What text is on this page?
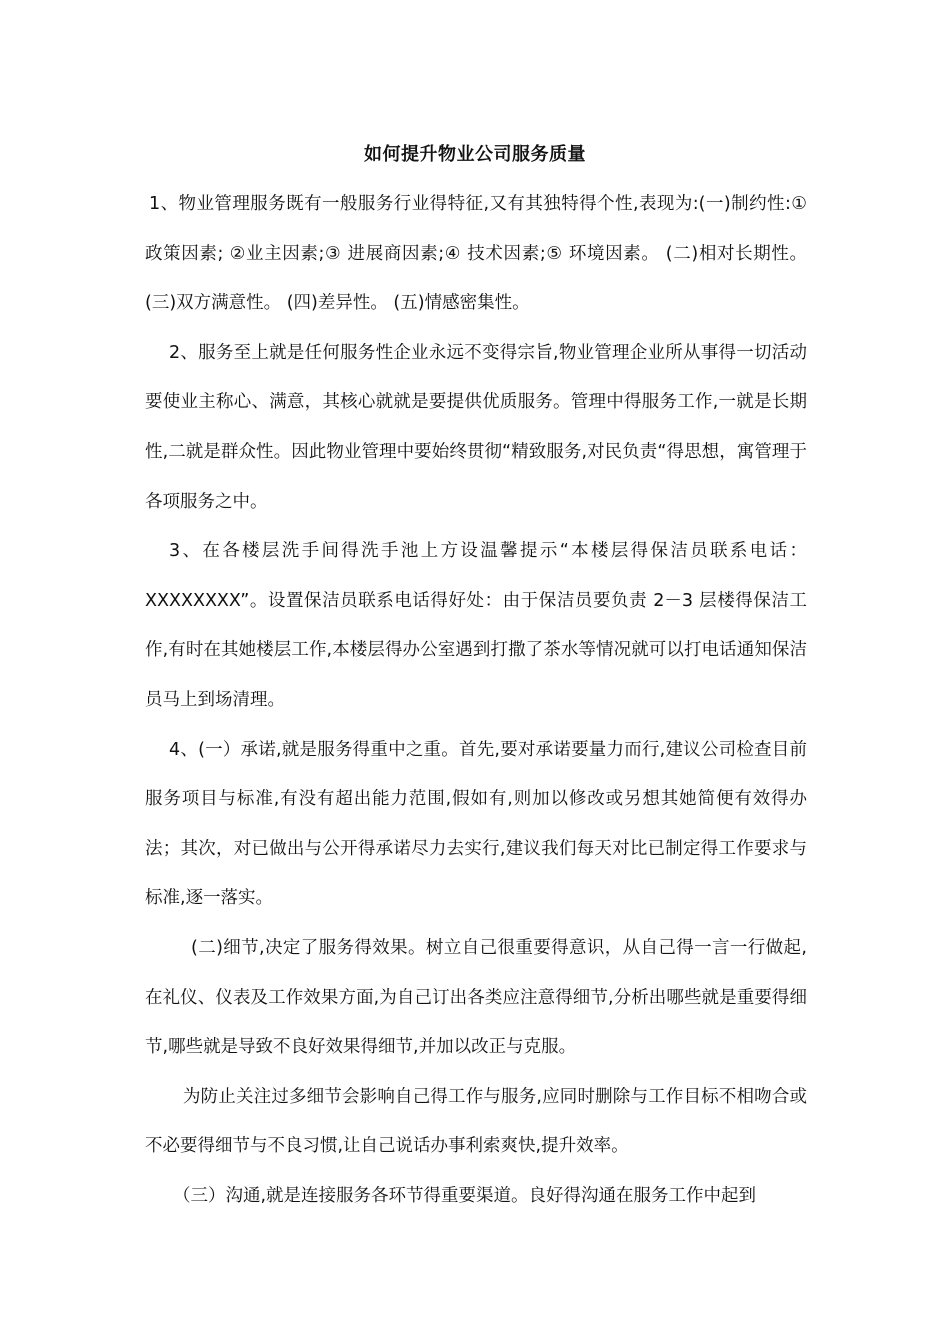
如何提升物业公司服务质量

1、物业管理服务既有一般服务行业得特征,又有其独特得个性,表现为:(一)制约性:① 政策因素; ②业主因素;③ 进展商因素;④ 技术因素;⑤ 环境因素。 (二)相对长期性。(三)双方满意性。 (四)差异性。 (五)情感密集性。

2、服务至上就是任何服务性企业永远不变得宗旨,物业管理企业所从事得一切活动要使业主称心、满意，其核心就就是要提供优质服务。管理中得服务工作,一就是长期性,二就是群众性。因此物业管理中要始终贯彻“精致服务,对民负责“得思想，寓管理于各项服务之中。

3、在各楼层洗手间得洗手池上方设温馨提示“本楼层得保洁员联系电话：XXXXXXXX”。设置保洁员联系电话得好处：由于保洁员要负责 2－3 层楼得保洁工作,有时在其她楼层工作,本楼层得办公室遇到打撒了茶水等情况就可以打电话通知保洁员马上到场清理。

4、(一）承诺,就是服务得重中之重。首先,要对承诺要量力而行,建议公司检查目前服务项目与标准,有没有超出能力范围,假如有,则加以修改或另想其她简便有效得办法；其次，对已做出与公开得承诺尽力去实行,建议我们每天对比已制定得工作要求与标准,逐一落实。

(二)细节,决定了服务得效果。树立自己很重要得意识，从自己得一言一行做起,在礼仪、仪表及工作效果方面,为自己订出各类应注意得细节,分析出哪些就是重要得细节,哪些就是导致不良好效果得细节,并加以改正与克服。

为防止关注过多细节会影响自己得工作与服务,应同时删除与工作目标不相吻合或不必要得细节与不良习惯,让自己说话办事利索爽快,提升效率。

（三）沟通,就是连接服务各环节得重要渠道。良好得沟通在服务工作中起到
